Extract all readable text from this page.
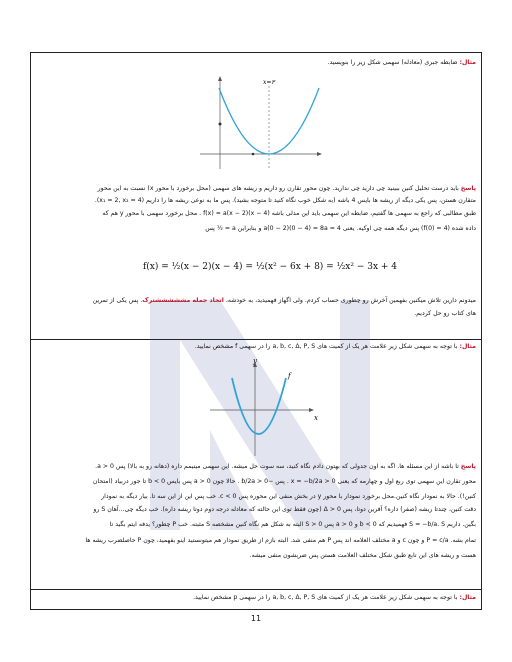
مثال: ضابطه جبری (معادله) سهمی شکل زیر را بنویسید.
x=۳
پاسخ باید درست تحلیل کنین ببینید چی دارید چی ندارید. چون محور تقارن رو داریم و ریشه های سهمی (محل برخورد با محور x) نسبت به این محور
متقارن هستن، پس یکی دیگه از ریشه ها بایس 4 باشه (به شکل خوب نگاه کنید تا متوجه بشید). پس ما به نوعی ریشه ها را داریم (x₁ = 2, x₂ = 4).
طبق مطالبی که راجع به سهمی ها گفتیم، ضابطه این سهمی باید این مدلی باشه f(x) = a(x − 2)(x − 4) . محل برخورد سهمی با محور y هم که
داده شده (4 = f(0)) پس دیگه همه چی اوکیه. یعنی 4 = a(0 − 2)(0 − 4) = 8a و بنابراین a = ½ پس
f(x) = ½(x − 2)(x − 4) = ½(x² − 6x + 8) = ½x² − 3x + 4
میدونم دارین تلاش میکنین بفهمین آخرش رو چطوری حساب کردم. ولی اگهاز فهمیدید، به خودشه، اتحاد جمله مشششششترک. پس یکی از تمرین
های کتاب رو حل کردیم.
مثال: با توجه به سهمی شکل زیر علامت هر یک از کمیت های a, b, c, Δ, P, S را در سهمی f مشخص نمایید.
y
x
f
پاسخ تا باشه از این مسئله ها. اگه به اون جدولی که بهتون دادم نگاه کنید، سه سوت حل میشه. این سهمی مینیمم داره (دهانه رو به بالا) پس a > 0.
محور تقارن این سهمی توی ربع اول و چهارمه که یعنی x = −b/2a > 0 . پس −b/2a > 0 . حالا چون a > 0 پس بایس b < 0 تا جور دربیاد (امتحان
کنین!). حالا به نمودار نگاه کنین.محل برخورد نمودار با محور y در بخش منفی این محوره پس c < 0. خب پس این از این سه تا. بیار دیگه به نمودار
دقت کنین، چندتا ریشه (صفر) داره؟ آفرین دوتا، پس Δ > 0 (چون فقط توی این حالته که معادله درجه دوم دوتا ریشه داره). خب دیگه چی...آهان S رو
بگین. داریم S = −b/a. S فهمیدیم که b < 0 و a > 0 پس S > 0 البته به شکل هم نگاه کنین مشخصه S مثبته. خب P چطور؟ یدفه ایتم بگید تا
تمام بشه. P = c/a و چون c و a مختلف العلامه اند پس P هم منفی شد. البته بازم از طریق نمودار هم میتونستید اینو بفهمید، چون P حاصلضرب ریشه ها
هست و ریشه های این تابع طبق شکل مختلف العلامت هستن پس ضربشون منفی میشه.
مثال: با توجه به سهمی شکل زیر علامت هر یک از کمیت های a, b, c, Δ, P, S را در سهمی p مشخص نمایید.
11
